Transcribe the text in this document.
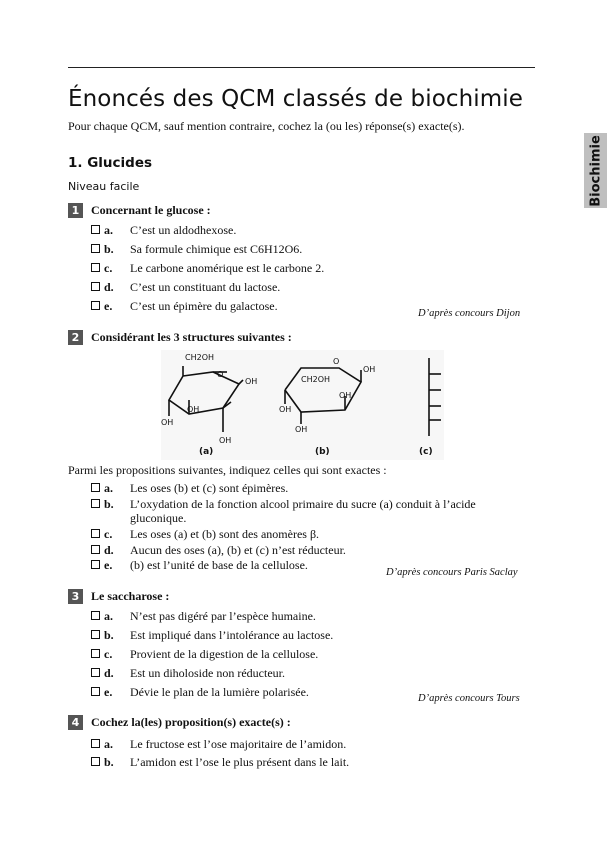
Énoncés des QCM classés de biochimie
Pour chaque QCM, sauf mention contraire, cochez la (ou les) réponse(s) exacte(s).
Biochimie
1. Glucides
Niveau facile
1 Concernant le glucose :
a. C’est un aldodhexose.
b. Sa formule chimique est C6H12O6.
c. Le carbone anomérique est le carbone 2.
d. C’est un constituant du lactose.
e. C’est un épimère du galactose.
D’après concours Dijon
2 Considérant les 3 structures suivantes :
CH2OH
O
OH
OH
OH
OH
(a)
O
OH
CH2OH
OH
OH
OH
(b)	(c)
Parmi les propositions suivantes, indiquez celles qui sont exactes :
a. Les oses (b) et (c) sont épimères.
b. L’oxydation de la fonction alcool primaire du sucre (a) conduit à l’acide gluconique.
c. Les oses (a) et (b) sont des anomères β.
d. Aucun des oses (a), (b) et (c) n’est réducteur.
e. (b) est l’unité de base de la cellulose.
D’après concours Paris Saclay
3 Le saccharose :
a. N’est pas digéré par l’espèce humaine.
b. Est impliqué dans l’intolérance au lactose.
c. Provient de la digestion de la cellulose.
d. Est un diholoside non réducteur.
e. Dévie le plan de la lumière polarisée.	D’après concours Tours
4 Cochez la(les) proposition(s) exacte(s) :
a. Le fructose est l’ose majoritaire de l’amidon.
b. L’amidon est l’ose le plus présent dans le lait.
